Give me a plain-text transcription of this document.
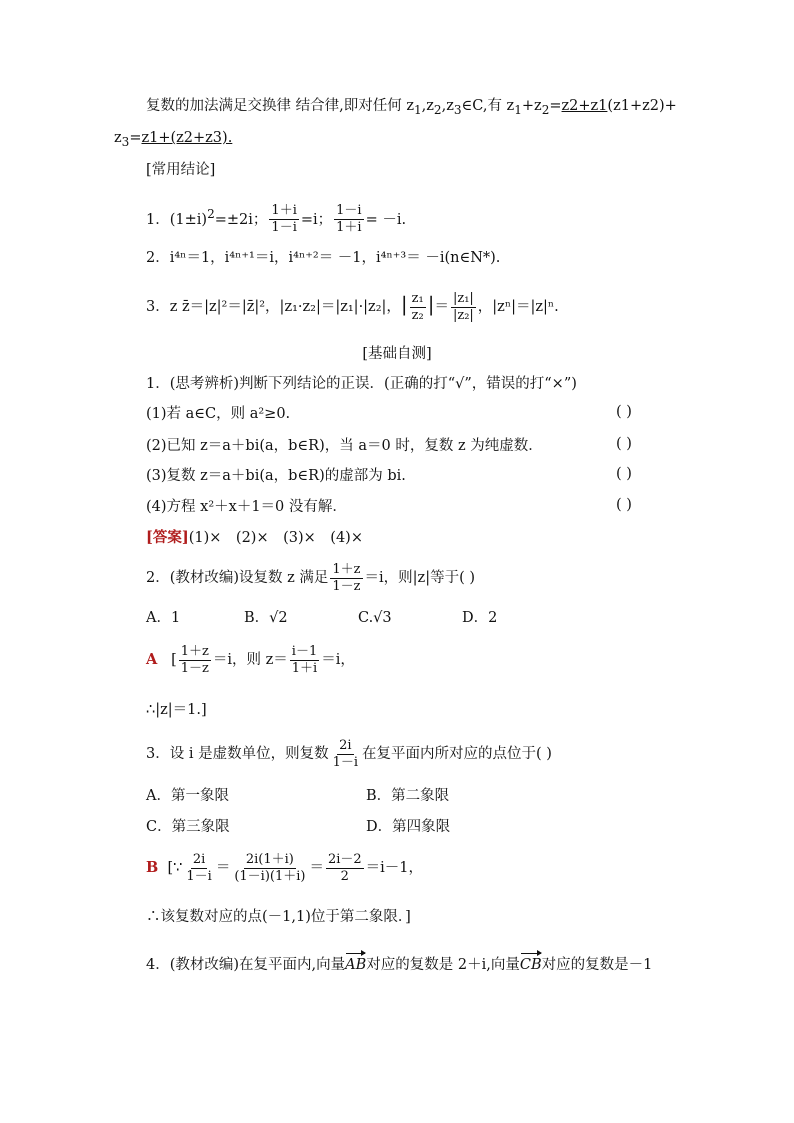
复数的加法满足交换律 结合律,即对任何 $z_1,z_2,z_3\in C$,有 $z_1+z_2=z2+z1(z1+z2)+$
$z_3=z1+(z2+z3)$.
[常用结论]
1．$(1\pm i)^2=\pm 2i$； $\frac{1+i}{1-i} =i$； $\frac{1-i}{1+i} = -i$.
2．i⁴ⁿ＝1，i⁴ⁿ⁺¹＝i，i⁴ⁿ⁺²＝ －1，i⁴ⁿ⁺³＝ －i(n∈N*).
3．z z̄＝|z|²＝|z̄|²，|z₁·z₂|＝|z₁|·|z₂|，| $\frac{\text{z₁}}{\text{z₂}}$ |＝ $\frac{\text{|z₁|}}{\text{|z₂|}}$ ，|zⁿ|＝|z|ⁿ.
[基础自测]
1．(思考辨析)判断下列结论的正误．(正确的打“√”，错误的打“×”)
(1)若 a∈C，则 a²≥0.	( )
(2)已知 z＝a＋bi(a，b∈R)，当 a＝0 时，复数 z 为纯虚数．	( )
(3)复数 z＝a＋bi(a，b∈R)的虚部为 bi.	( )
(4)方程 x²＋x＋1＝0 没有解．	( )
[答案](1)×　(2)×　(3)×　(4)×
2．(教材改编)设复数 z 满足 $\frac{1+z}{1-z} =i$，则|z|等于( )
A．1	B．√2	C.√3	D．2
A [ $\frac{1+z}{1-z} =i$，则 $z= \frac{i-1}{1+i} =i$，
∴|z|＝1.]
3．设 i 是虚数单位，则复数 $\frac{2i}{1-i}$ 在复平面内所对应的点位于( )
A．第一象限	B．第二象限
C．第三象限	D．第四象限
B [∵ $\frac{2i}{1-i} = \frac{2i(1+i)}{(1-i)(1+i)} = \frac{2i-2}{2} =i-1$，
∴该复数对应的点(－1,1)位于第二象限．]
4．(教材改编)在复平面内,向量AB对应的复数是 2＋i,向量CB对应的复数是－1
